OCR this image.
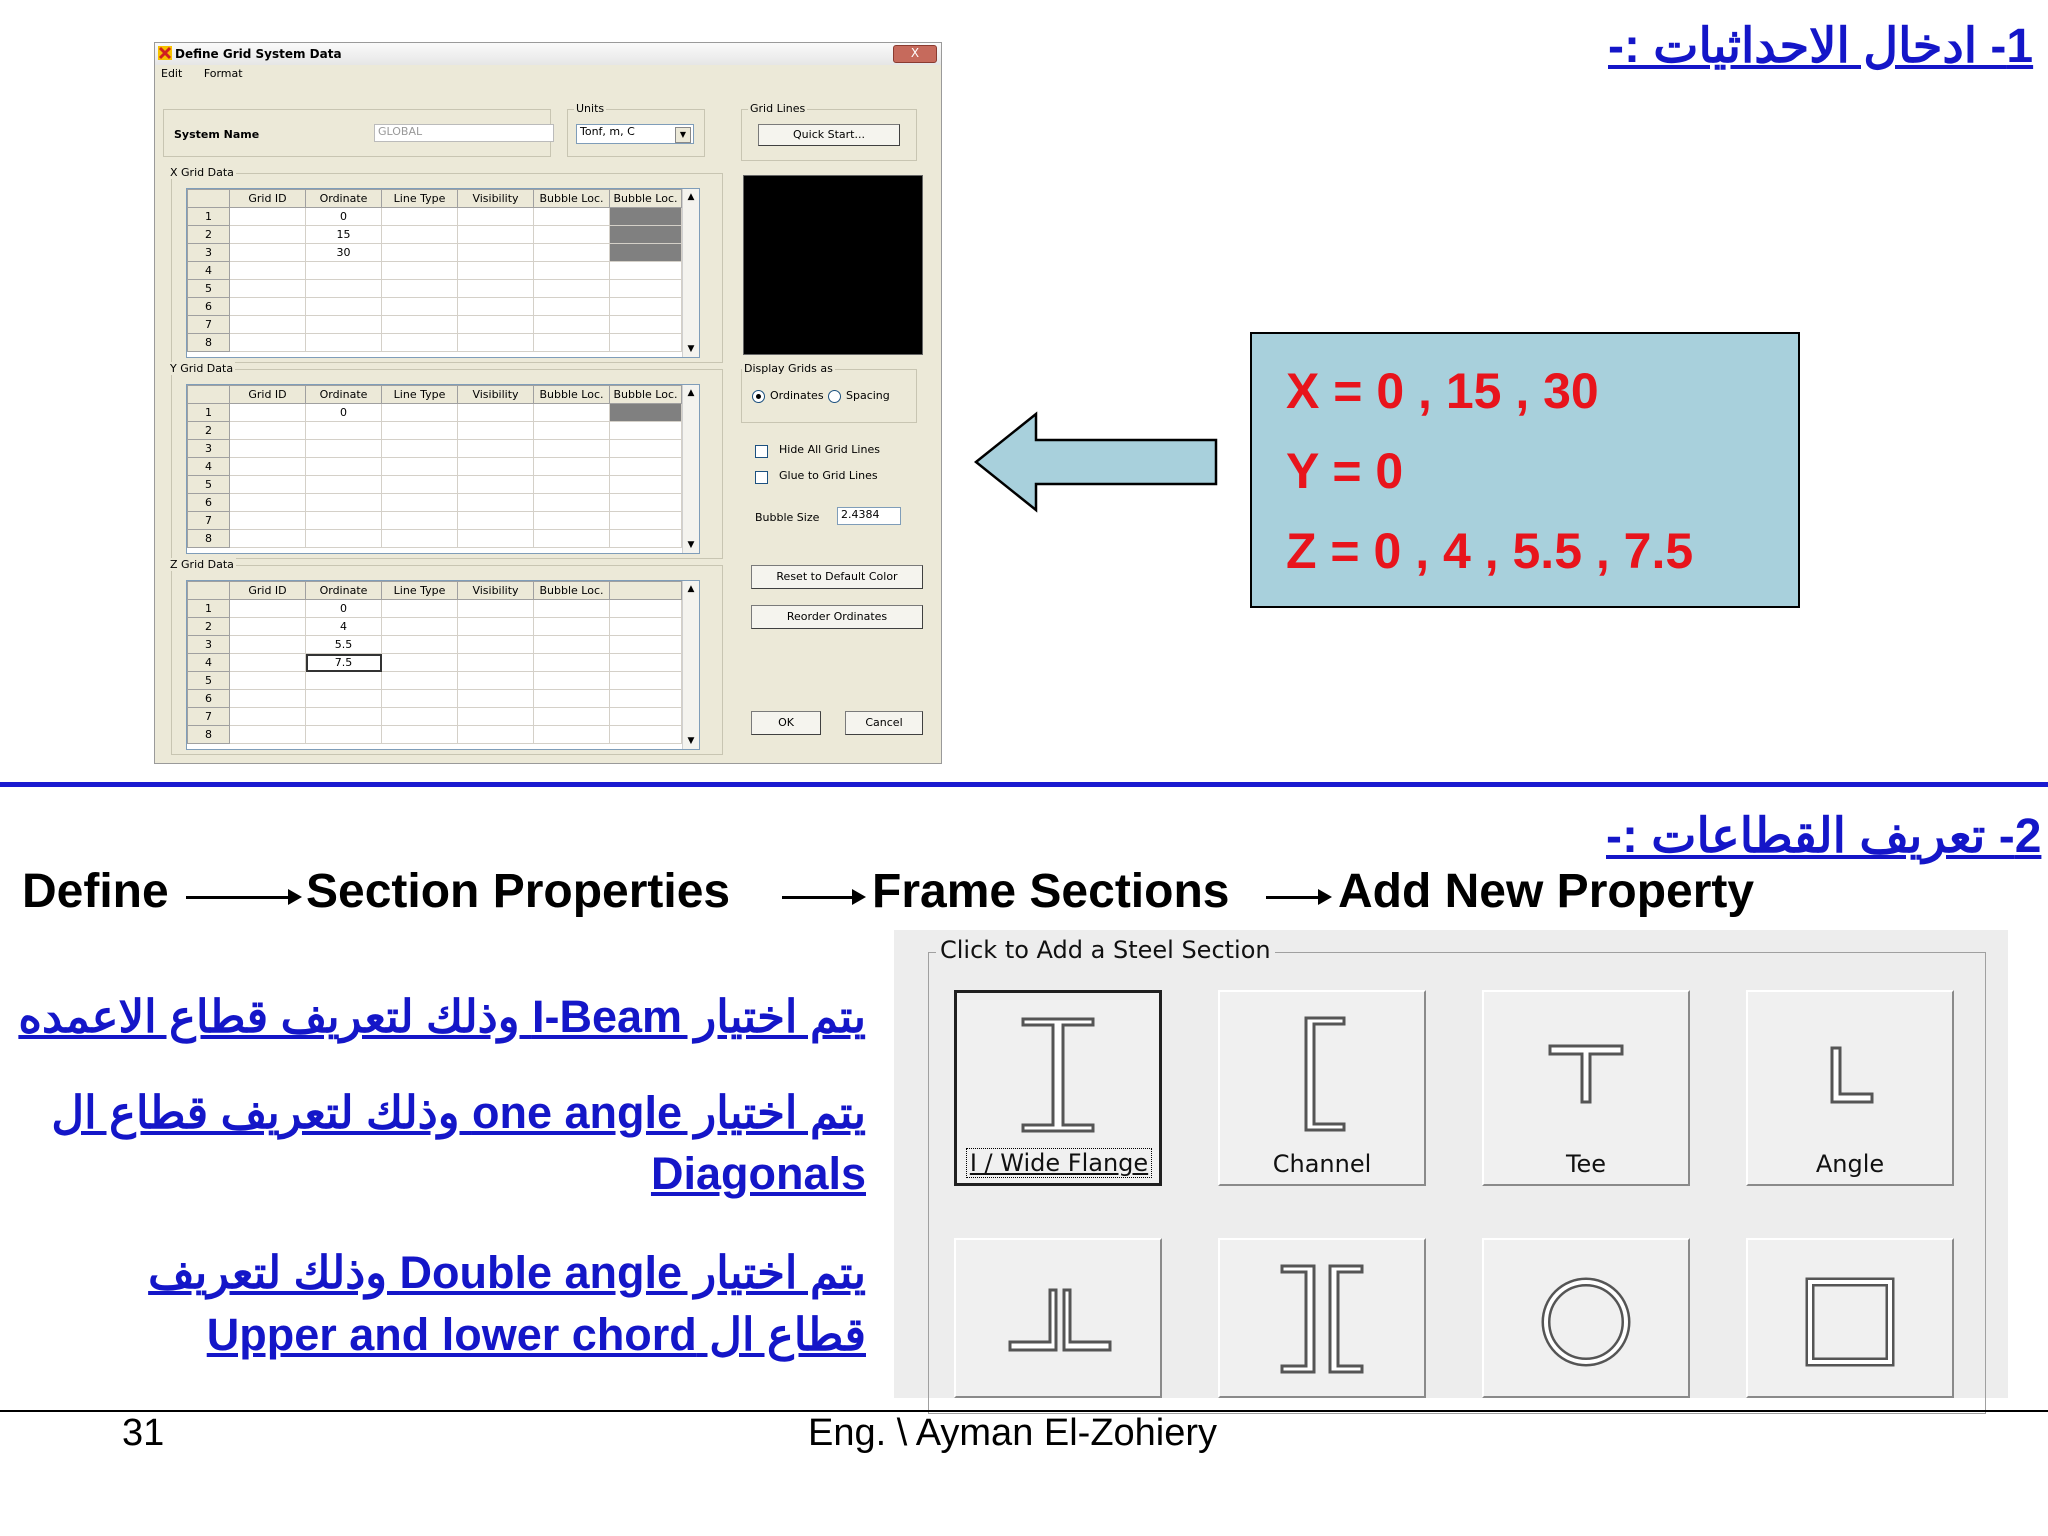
1- ادخال الاحداثيات :-
Define Grid System Data	X
Edit Format
System Name	GLOBAL
Units
Tonf, m, C	▼
Grid Lines
Quick Start...
X Grid Data
	Grid ID	Ordinate	Line Type	Visibility	Bubble Loc.	Bubble Loc.
1		0				
2		15				
3		30				
4						
5						
6						
7						
8						
▲
▼
Y Grid Data
	Grid ID	Ordinate	Line Type	Visibility	Bubble Loc.	Bubble Loc.
1		0				
2						
3						
4						
5						
6						
7						
8						
▲
▼
Z Grid Data
	Grid ID	Ordinate	Line Type	Visibility	Bubble Loc.	
1		0				
2		4				
3		5.5				
4		7.5				
5						
6						
7						
8						
▲
▼
Display Grids as
Ordinates Spacing
Hide All Grid Lines
Glue to Grid Lines
Bubble Size	2.4384
Reset to Default Color
Reorder Ordinates
OK	Cancel
X = 0 , 15 , 30
Y = 0
Z = 0 , 4 , 5.5 , 7.5
2- تعريف القطاعات :-
Define	Section Properties	Frame Sections Add New Property
يتم اختيار I-Beam وذلك لتعريف قطاع الاعمده
يتم اختيار one angle وذلك لتعريف قطاع ال
Diagonals
يتم اختيار Double angle وذلك لتعريف
قطاع ال Upper and lower chord
Click to Add a Steel Section
I / Wide Flange	Channel	Tee	Angle
31	Eng. \ Ayman El-Zohiery
